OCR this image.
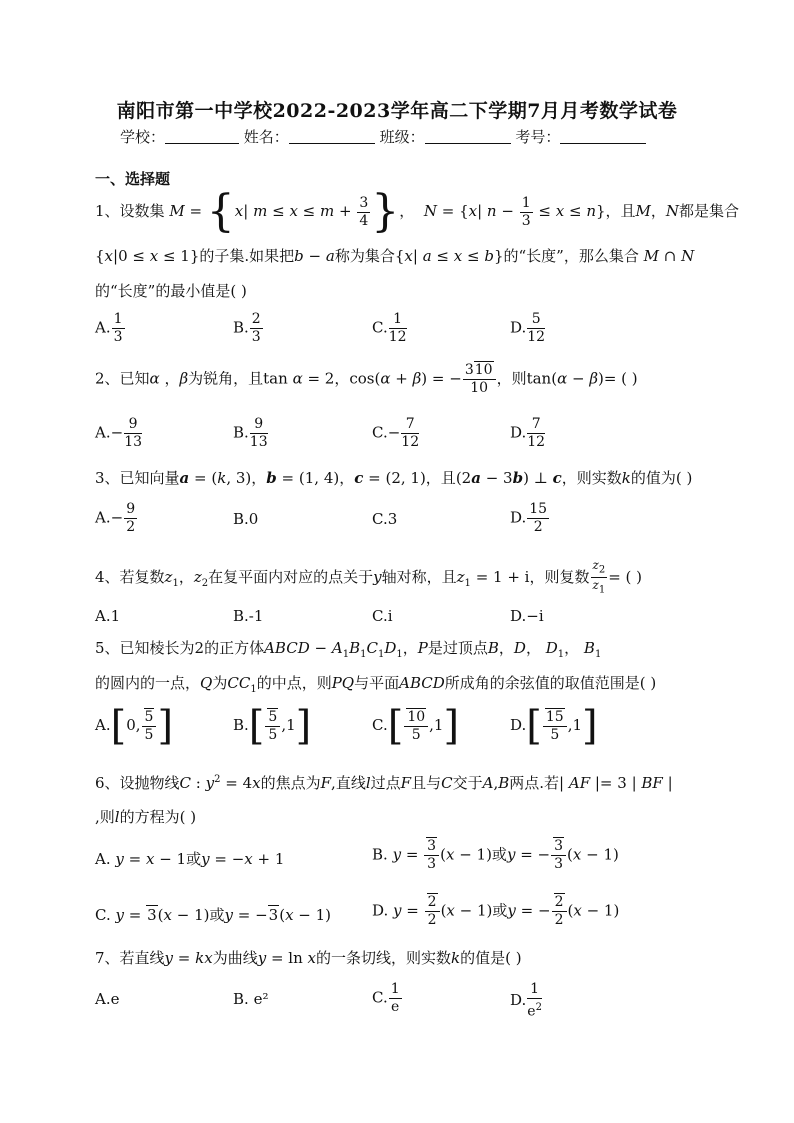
南阳市第一中学校2022-2023学年高二下学期7月月考数学试卷
学校：	姓名：	班级：	考号：
一、选择题
1、设数集 M = {x| $m \le x \le m + \frac{3}{4}$ }， N = {x| $n - \frac{1}{3} \le x \le n$}，且M，N都是集合
{x|0 ≤ x ≤ 1}的子集.如果把b − a称为集合{x| a ≤ x ≤ b}的“长度”，那么集合 M ∩ N
的“长度”的最小值是( )
A. $\frac{1}{3}$	B. $\frac{2}{3}$	C. $\frac{1}{12}$	D. $\frac{5}{12}$
2、已知α ，β为锐角，且tan α = 2，cos(α + β) = − $\frac{310}{10}$ ，则tan(α − β)= ( )
$A.- \frac{9}{13}$	B. $\frac{9}{13}$	$C.- \frac{7}{12}$	D. $\frac{7}{12}$
3、已知向量a = (k, 3)，b = (1, 4)，c = (2, 1)，且(2a − 3b) ⊥ c，则实数k的值为( )
$A.- \frac{9}{2}$	B.0	C.3	D. $\frac{15}{2}$
4、若复数$z_1$，$z_2$在复平面内对应的点关于y轴对称，且$z_1 = 1 + i$，则复数 $\frac{z_2}{z_1}$ = ( )
A.1	B.-1	C.i	D.−i
5、已知棱长为2的正方体ABCD − $A_1B_1C_1D_1$，P是过顶点B，D， $D_1$， $B_1$
的圆内的一点，Q为$CC_1$的中点，则PQ与平面ABCD所成角的余弦值的取值范围是( )
A.[0, $\frac{5}{5}$ ]	$B.[ \frac{5}{5} ,1]$	$C.[ \frac{10}{5} ,1]$	$D.[ \frac{15}{5} ,1]$
6、设抛物线C : $y^2 = 4x$的焦点为F,直线l过点F且与C交于A,B两点.若| AF |= 3 | BF |
,则l的方程为( )
A. y = x − 1或y = −x + 1	B. $y = \frac{3}{3} (x - 1)$或y = − $\frac{3}{3} (x - 1)$
C. y = 3(x − 1)或y = −3(x − 1)	D. $y = \frac{2}{2} (x - 1)$或y = − $\frac{2}{2} (x - 1)$
7、若直线y = kx为曲线y = ln x的一条切线，则实数k的值是( )
A.e	B. e²	C. $\frac{1}{e}$	D. $\frac{1}{e^2}$
